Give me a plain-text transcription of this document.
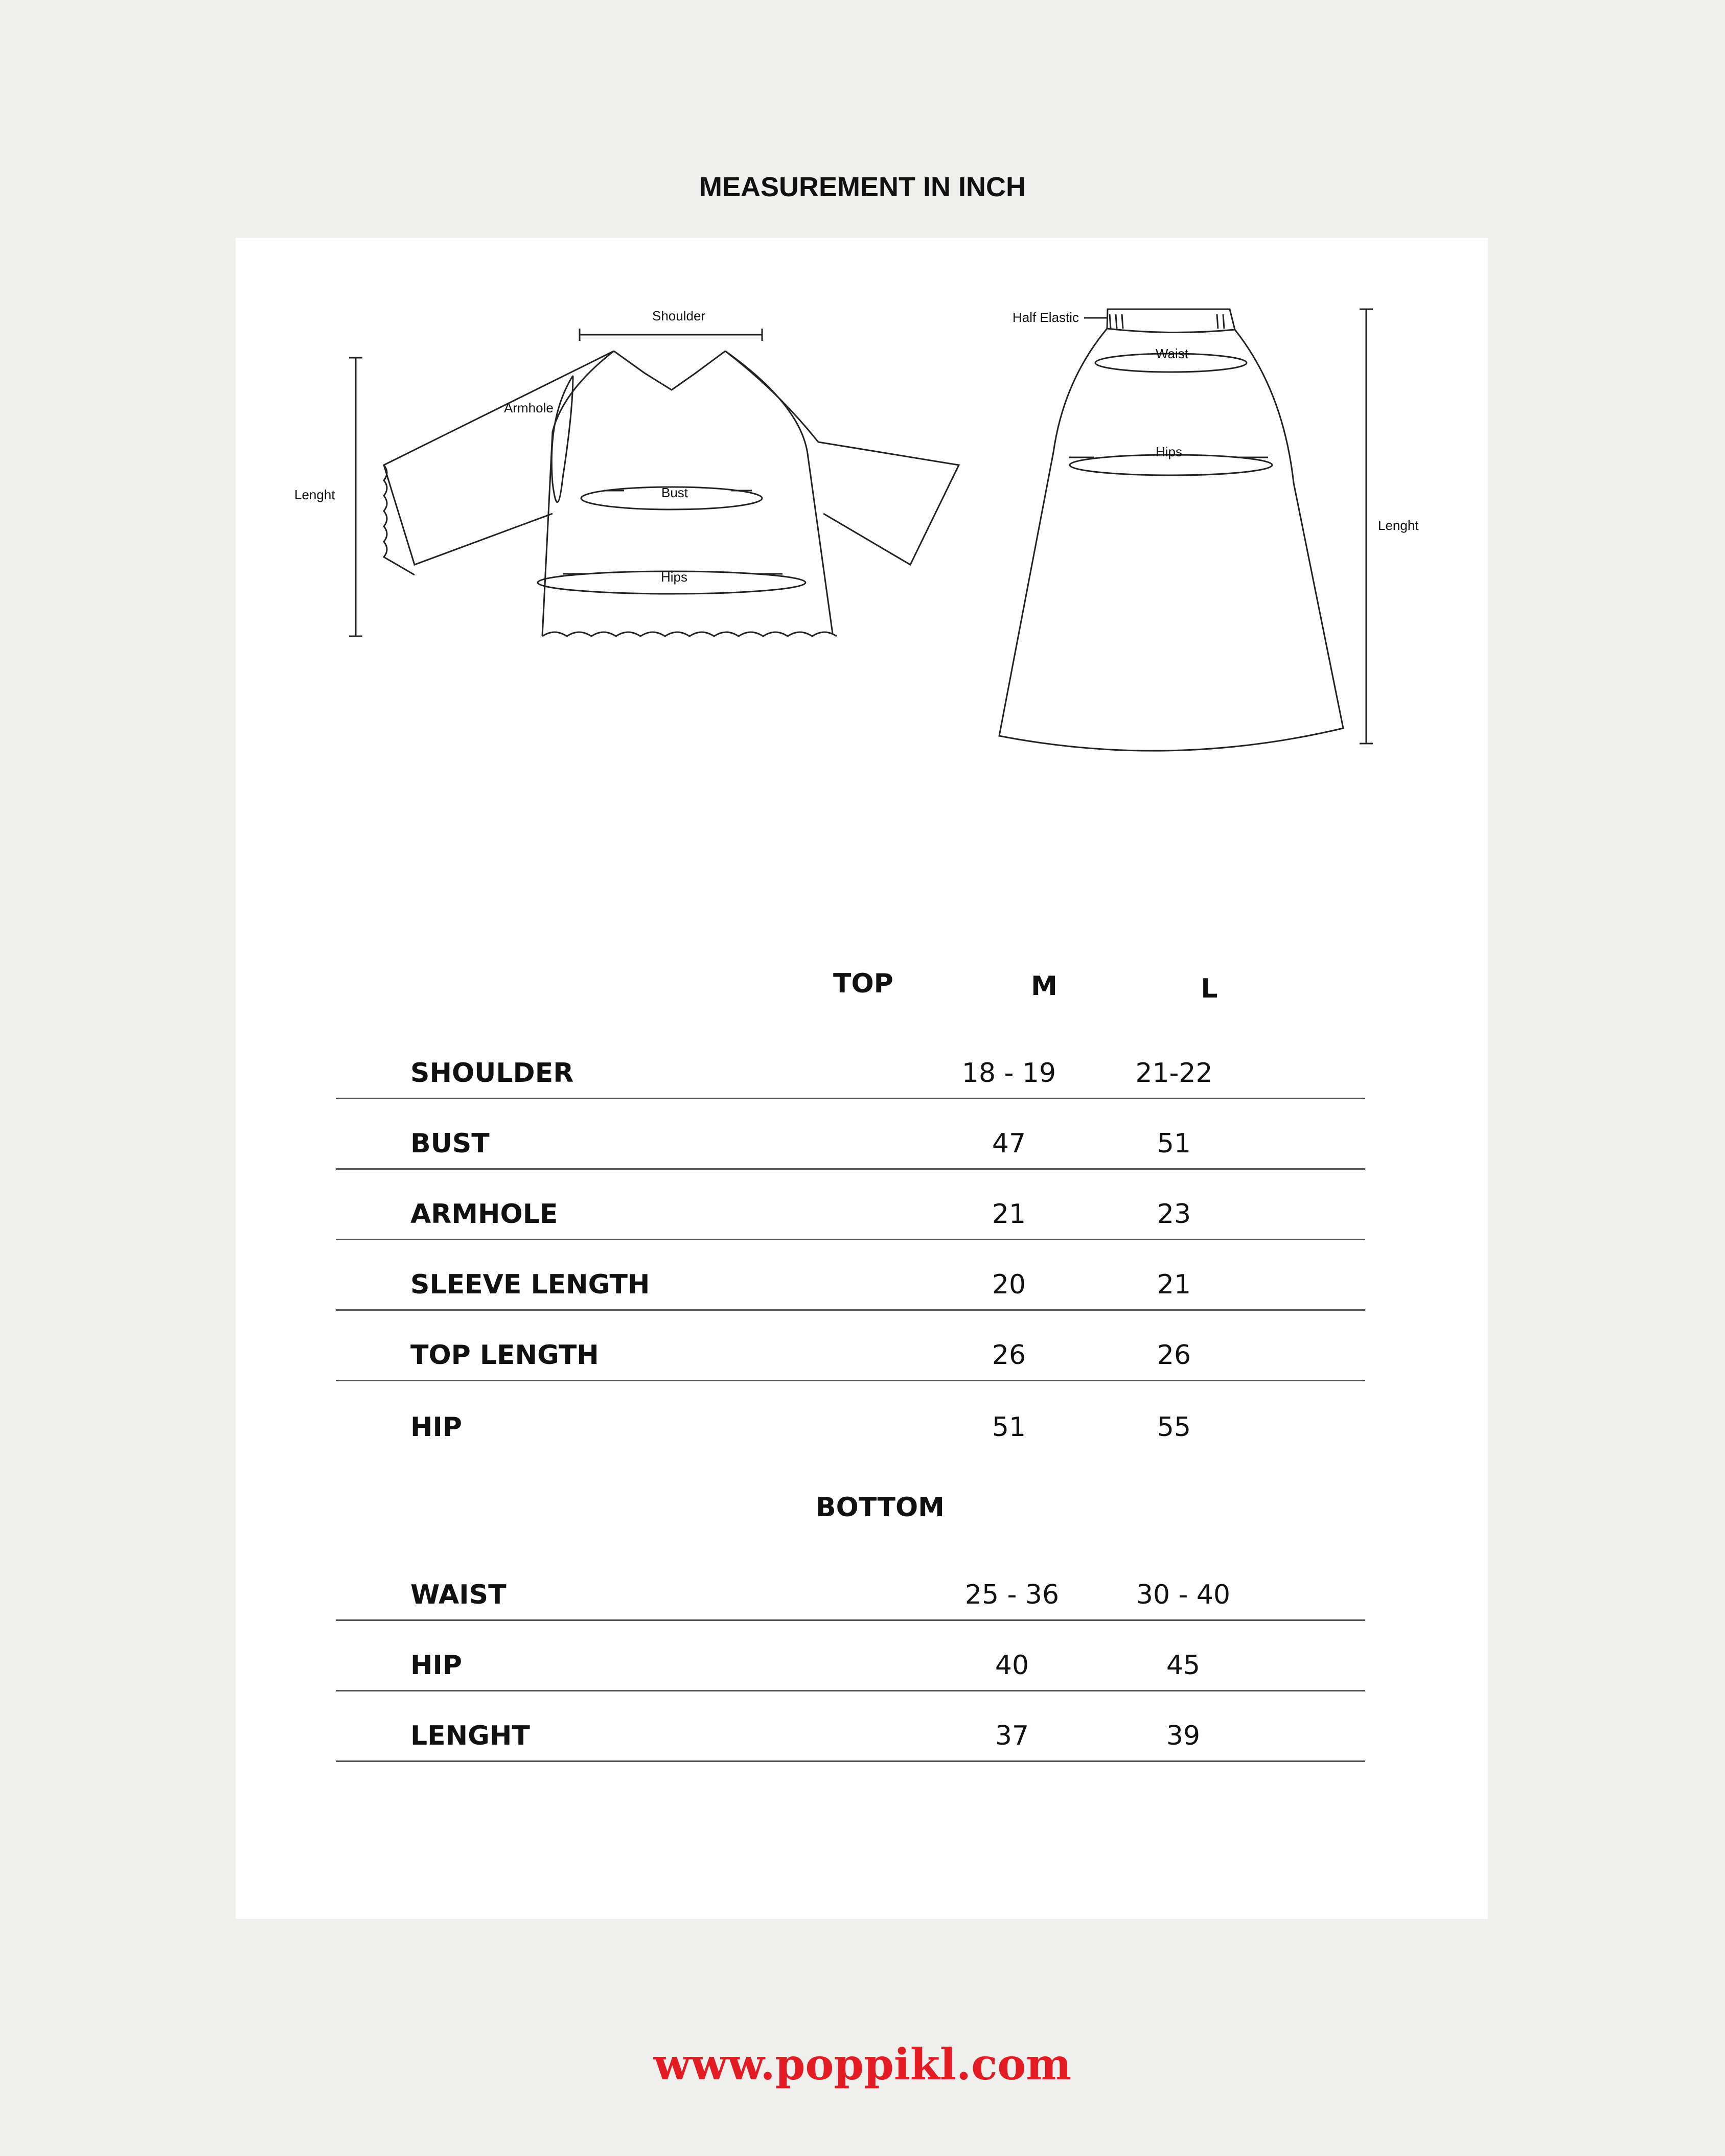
MEASUREMENT IN INCH
Shoulder
Armhole
Lenght	Bust
Hips
Half Elastic
Waist
Hips
Lenght
TOP	M	L
SHOULDER	18 - 19	21-22
BUST	47	51
ARMHOLE	21	23
SLEEVE LENGTH	20	21
TOP LENGTH	26	26
HIP	51	55
BOTTOM
WAIST	25 - 36	30 - 40
HIP	40	45
LENGHT	37	39
www.poppikl.com
